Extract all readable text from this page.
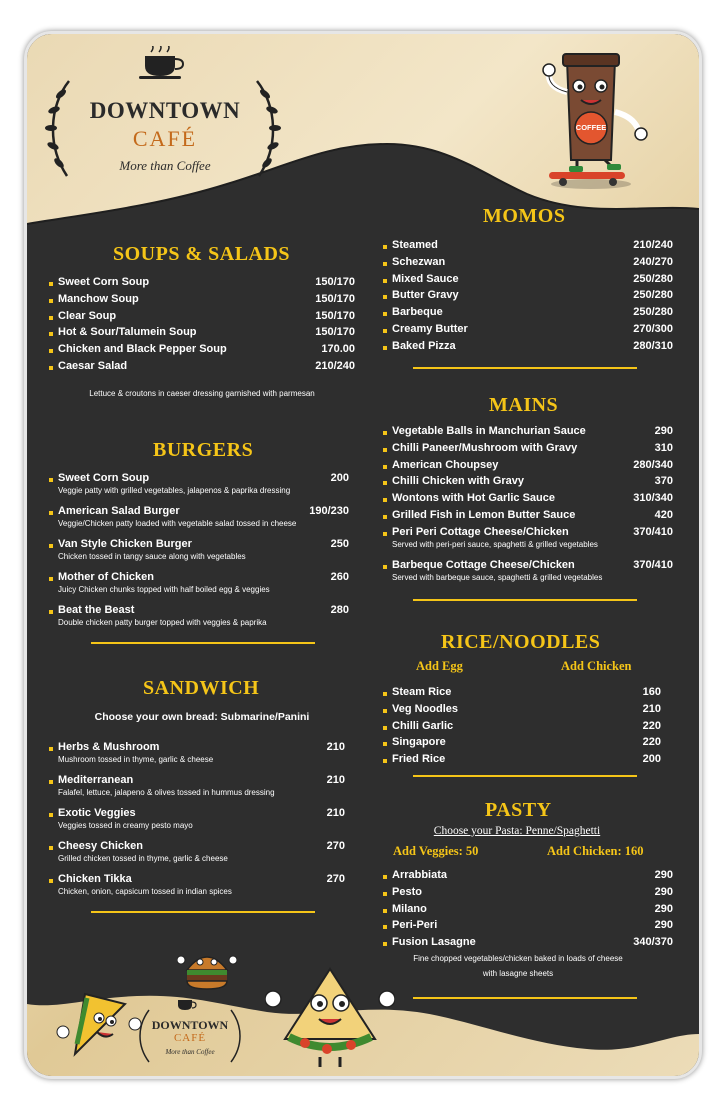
DOWNTOWN
CAFÉ
More than Coffee
COFFEE
DOWNTOWN
CAFÉ
More than Coffee
SOUPS & SALADS
Sweet Corn Soup	150/170
Manchow Soup	150/170
Clear Soup	150/170
Hot & Sour/Talumein Soup	150/170
Chicken and Black Pepper Soup	170.00
Caesar Salad	210/240
Lettuce & croutons in caeser dressing garnished with parmesan
BURGERS
Sweet Corn Soup	200
Veggie patty with grilled vegetables, jalapenos & paprika dressing
American Salad Burger	190/230
Veggie/Chicken patty loaded with vegetable salad tossed in cheese
Van Style Chicken Burger	250
Chicken tossed in tangy sauce along with vegetables
Mother of Chicken	260
Juicy Chicken chunks topped with half boiled egg & veggies
Beat the Beast	280
Double chicken patty burger topped with veggies & paprika
SANDWICH
Choose your own bread: Submarine/Panini
Herbs & Mushroom	210
Mushroom tossed in thyme, garlic & cheese
Mediterranean	210
Falafel, lettuce, jalapeno & olives tossed in hummus dressing
Exotic Veggies	210
Veggies tossed in creamy pesto mayo
Cheesy Chicken	270
Grilled chicken tossed in thyme, garlic & cheese
Chicken Tikka	270
Chicken, onion, capsicum tossed in indian spices
MOMOS
Steamed	210/240
Schezwan	240/270
Mixed Sauce	250/280
Butter Gravy	250/280
Barbeque	250/280
Creamy Butter	270/300
Baked Pizza	280/310
MAINS
Vegetable Balls in Manchurian Sauce	290
Chilli Paneer/Mushroom with Gravy	310
American Choupsey	280/340
Chilli Chicken with Gravy	370
Wontons with Hot Garlic Sauce	310/340
Grilled Fish in Lemon Butter Sauce	420
Peri Peri Cottage Cheese/Chicken	370/410
Served with peri-peri sauce, spaghetti & grilled vegetables
Barbeque Cottage Cheese/Chicken	370/410
Served with barbeque sauce, spaghetti & grilled vegetables
RICE/NOODLES
Add Egg	Add Chicken
Steam Rice	160
Veg Noodles	210
Chilli Garlic	220
Singapore	220
Fried Rice	200
PASTY
Choose your Pasta: Penne/Spaghetti
Add Veggies: 50	Add Chicken: 160
Arrabbiata	290
Pesto	290
Milano	290
Peri-Peri	290
Fusion Lasagne	340/370
Fine chopped vegetables/chicken baked in loads of cheese
with lasagne sheets
